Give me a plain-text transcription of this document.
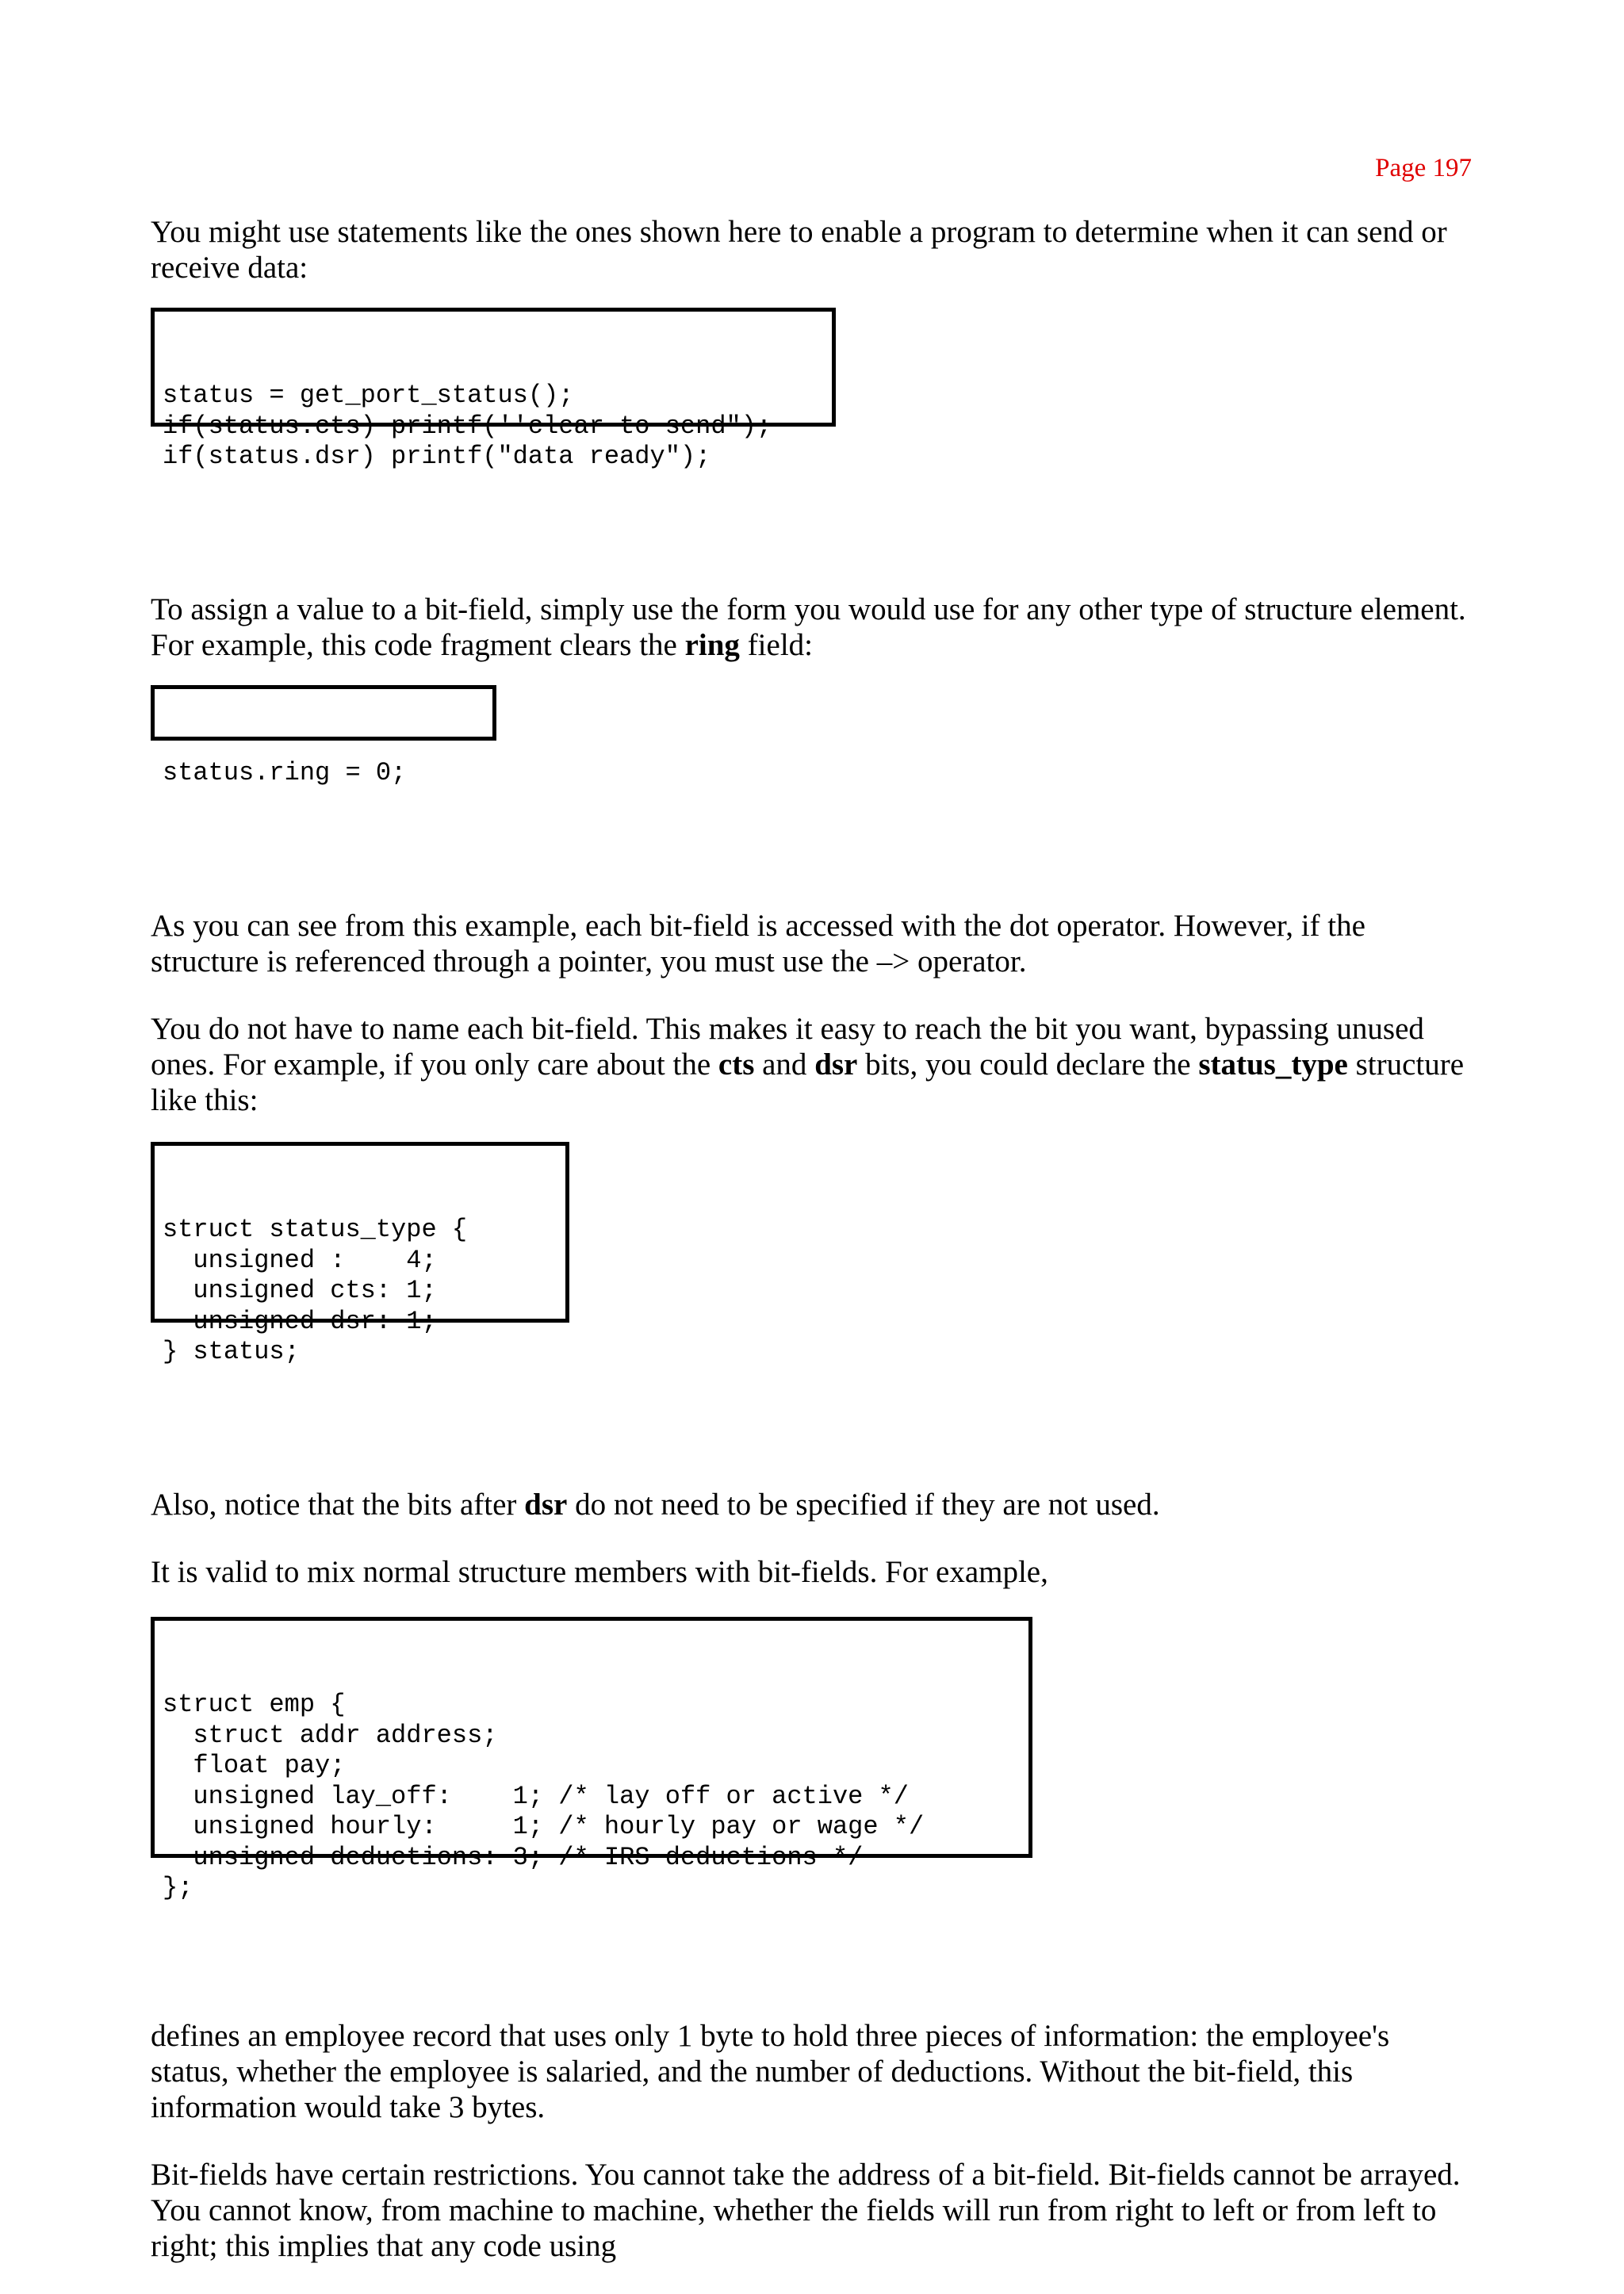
Page 197

You might use statements like the ones shown here to enable a program to determine when it can send or receive data:

status = get_port_status();
if(status.cts) printf(''clear to send");
if(status.dsr) printf("data ready");

To assign a value to a bit-field, simply use the form you would use for any other type of structure element. For example, this code fragment clears the ring field:

status.ring = 0;

As you can see from this example, each bit-field is accessed with the dot operator. However, if the structure is referenced through a pointer, you must use the –> operator.

You do not have to name each bit-field. This makes it easy to reach the bit you want, bypassing unused ones. For example, if you only care about the cts and dsr bits, you could declare the status_type structure like this:

struct status_type {
unsigned :    4;
unsigned cts: 1;
unsigned dsr: 1;
} status;

Also, notice that the bits after dsr do not need to be specified if they are not used.

It is valid to mix normal structure members with bit-fields. For example,

struct emp {
struct addr address;
float pay;
unsigned lay_off:    1; /* lay off or active */
unsigned hourly:     1; /* hourly pay or wage */
unsigned deductions: 3; /* IRS deductions */
};

defines an employee record that uses only 1 byte to hold three pieces of information: the employee's status, whether the employee is salaried, and the number of deductions. Without the bit-field, this information would take 3 bytes.

Bit-fields have certain restrictions. You cannot take the address of a bit-field. Bit-fields cannot be arrayed. You cannot know, from machine to machine, whether the fields will run from right to left or from left to right; this implies that any code using
